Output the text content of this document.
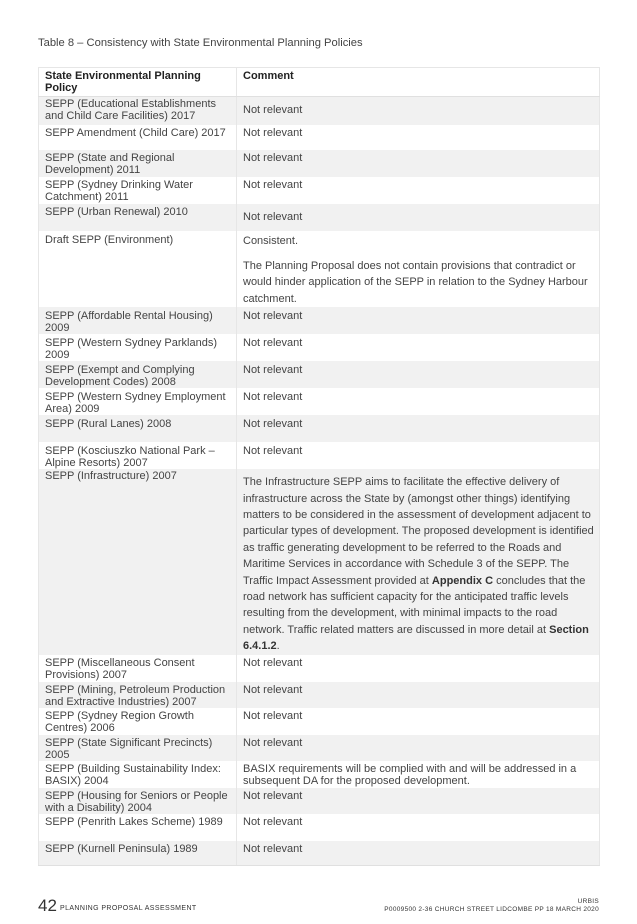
Table 8 – Consistency with State Environmental Planning Policies
State Environmental Planning Policy	Comment
SEPP (Educational Establishments and Child Care Facilities) 2017	Not relevant
SEPP Amendment (Child Care) 2017	Not relevant
SEPP (State and Regional Development) 2011	Not relevant
SEPP (Sydney Drinking Water Catchment) 2011	Not relevant
SEPP (Urban Renewal) 2010	Not relevant
Draft SEPP (Environment)	Consistent.
The Planning Proposal does not contain provisions that contradict or would hinder application of the SEPP in relation to the Sydney Harbour catchment.

SEPP (Affordable Rental Housing) 2009	Not relevant
SEPP (Western Sydney Parklands) 2009	Not relevant
SEPP (Exempt and Complying Development Codes) 2008	Not relevant
SEPP (Western Sydney Employment Area) 2009	Not relevant
SEPP (Rural Lanes) 2008	Not relevant
SEPP (Kosciuszko National Park – Alpine Resorts) 2007	Not relevant
SEPP (Infrastructure) 2007	The Infrastructure SEPP aims to facilitate the effective delivery of infrastructure across the State by (amongst other things) identifying matters to be considered in the assessment of development adjacent to particular types of development. The proposed development is identified as traffic generating development to be referred to the Roads and Maritime Services in accordance with Schedule 3 of the SEPP. The Traffic Impact Assessment provided at Appendix C concludes that the road network has sufficient capacity for the anticipated traffic levels resulting from the development, with minimal impacts to the road network. Traffic related matters are discussed in more detail at Section 6.4.1.2.

SEPP (Miscellaneous Consent Provisions) 2007	Not relevant
SEPP (Mining, Petroleum Production and Extractive Industries) 2007	Not relevant
SEPP (Sydney Region Growth Centres) 2006	Not relevant
SEPP (State Significant Precincts) 2005	Not relevant
SEPP (Building Sustainability Index: BASIX) 2004	BASIX requirements will be complied with and will be addressed in a subsequent DA for the proposed development.
SEPP (Housing for Seniors or People with a Disability) 2004	Not relevant
SEPP (Penrith Lakes Scheme) 1989	Not relevant
SEPP (Kurnell Peninsula) 1989	Not relevant
42 PLANNING PROPOSAL ASSESSMENT
URBIS
P0009500 2-36 CHURCH STREET LIDCOMBE PP 18 MARCH 2020
